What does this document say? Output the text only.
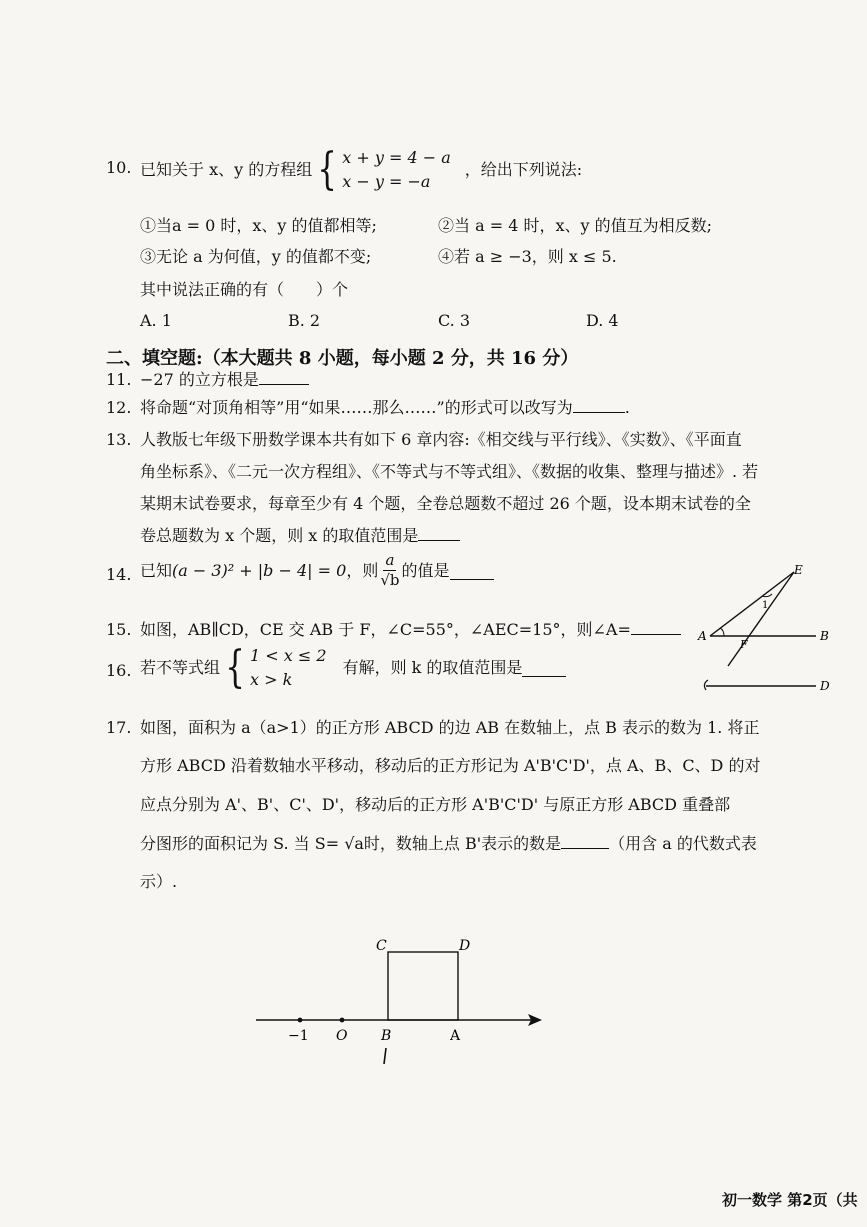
10. 已知关于 x、y 的方程组 { x + y = 4 − a
x − y = −a
，给出下列说法:
①当a = 0 时，x、y 的值都相等;	②当 a = 4 时，x、y 的值互为相反数;
③无论 a 为何值，y 的值都不变;	④若 a ≥ −3，则 x ≤ 5.
其中说法正确的有（　　）个
A. 1	B. 2	C. 3	D. 4
二、填空题:（本大题共 8 小题，每小题 2 分，共 16 分）
11. −27 的立方根是
12. 将命题“对顶角相等”用“如果……那么……”的形式可以改写为	.
13. 人教版七年级下册数学课本共有如下 6 章内容:《相交线与平行线》、《实数》、《平面直
角坐标系》、《二元一次方程组》、《不等式与不等式组》、《数据的收集、整理与描述》. 若
某期末试卷要求，每章至少有 4 个题，全卷总题数不超过 26 个题，设本期末试卷的全
卷总题数为 x 个题，则 x 的取值范围是
14. 已知 (a − 3)² + |b − 4| = 0 ，则 $\frac{a}{√b}$ 的值是
15. 如图，AB∥CD，CE 交 AB 于 F，∠C=55°，∠AEC=15°，则∠A=
16. 若不等式组 { 1 < x ≤ 2
x > k
有解，则 k 的取值范围是
E
A
F
B
D
1
17. 如图，面积为 a（a>1）的正方形 ABCD 的边 AB 在数轴上，点 B 表示的数为 1. 将正
方形 ABCD 沿着数轴水平移动，移动后的正方形记为 A'B'C'D'，点 A、B、C、D 的对
应点分别为 A'、B'、C'、D'，移动后的正方形 A'B'C'D' 与原正方形 ABCD 重叠部
分图形的面积记为 S. 当 S= √a时，数轴上点 B'表示的数是	（用含 a 的代数式表
示）.
−1 O B	A
C	D
初一数学 第2页（共
